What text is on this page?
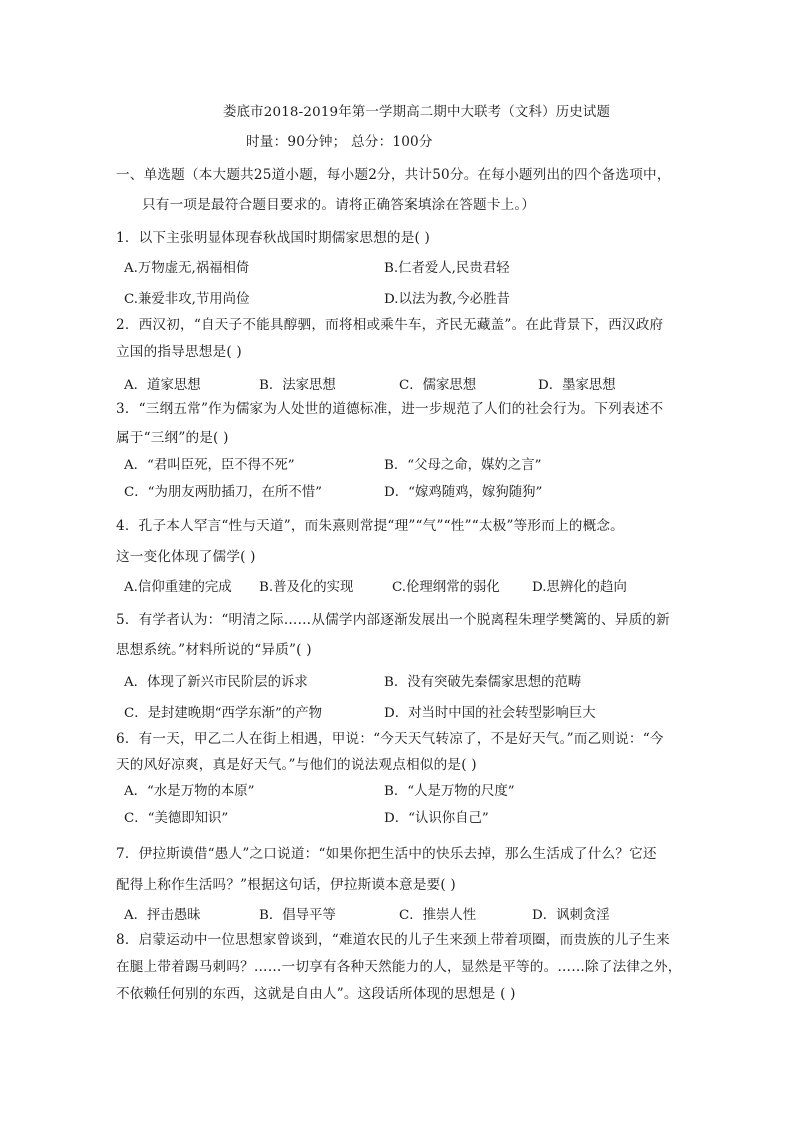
娄底市2018-2019年第一学期高二期中大联考（文科）历史试题
时量：90分钟； 总分：100分
一、单选题（本大题共25道小题，每小题2分，共计50分。在每小题列出的四个备选项中，
只有一项是最符合题目要求的。请将正确答案填涂在答题卡上。）
1．以下主张明显体现春秋战国时期儒家思想的是( )
A.万物虚无,祸福相倚	B.仁者爱人,民贵君轻
C.兼爱非攻,节用尚俭	D.以法为教,今必胜昔
2．西汉初，“自天子不能具醇驷，而将相或乘牛车，齐民无藏盖”。在此背景下，西汉政府
立国的指导思想是( )
A．道家思想	B．法家思想	C．儒家思想	D．墨家思想
3．“三纲五常”作为儒家为人处世的道德标准，进一步规范了人们的社会行为。下列表述不
属于“三纲”的是( )
A．“君叫臣死，臣不得不死”	B．“父母之命，媒妁之言”
C．“为朋友两肋插刀，在所不惜”	D．“嫁鸡随鸡，嫁狗随狗”
4．孔子本人罕言“性与天道”，而朱熹则常提“理”“气”“性”“太极”等形而上的概念。
这一变化体现了儒学( )
A.信仰重建的完成 B.普及化的实现	C.伦理纲常的弱化 D.思辨化的趋向
5．有学者认为：“明清之际……从儒学内部逐渐发展出一个脱离程朱理学樊篱的、异质的新
思想系统。”材料所说的“异质”( )
A．体现了新兴市民阶层的诉求	B．没有突破先秦儒家思想的范畴
C．是封建晚期“西学东渐”的产物	D．对当时中国的社会转型影响巨大
6．有一天，甲乙二人在街上相遇，甲说：“今天天气转凉了，不是好天气。”而乙则说：“今
天的风好凉爽，真是好天气。”与他们的说法观点相似的是( )
A．“水是万物的本原”	B．“人是万物的尺度”
C．“美德即知识”	D．“认识你自己”
7．伊拉斯谟借“愚人”之口说道：“如果你把生活中的快乐去掉，那么生活成了什么？它还
配得上称作生活吗？”根据这句话，伊拉斯谟本意是要( )
A．抨击愚昧	B．倡导平等	C．推崇人性	D．讽刺贪淫
8．启蒙运动中一位思想家曾谈到，“难道农民的儿子生来颈上带着项圈，而贵族的儿子生来
在腿上带着踢马刺吗？……一切享有各种天然能力的人，显然是平等的。……除了法律之外，
不依赖任何别的东西，这就是自由人”。这段话所体现的思想是 ( )
